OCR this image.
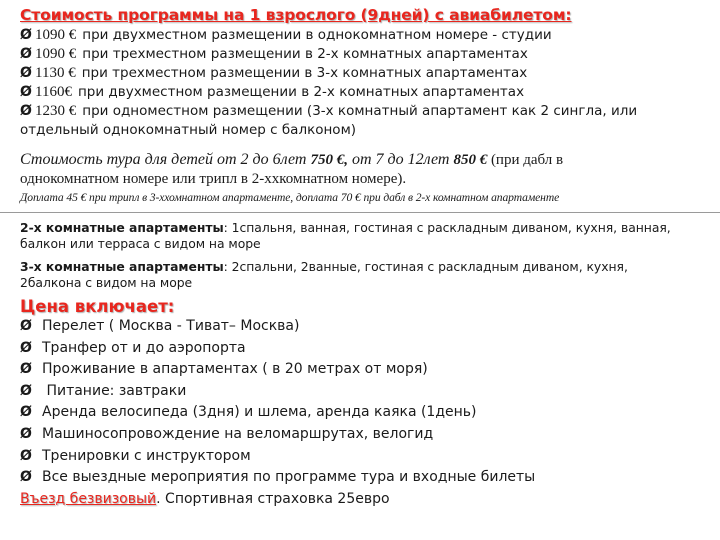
Стоимость программы на 1 взрослого (9дней) с авиабилетом:
Ø 1090 € при двухместном размещении в однокомнатном номере - студии
Ø 1090 € при трехместном размещении в 2-х комнатных апартаментах
Ø 1130 € при трехместном размещении в 3-х комнатных апартаментах
Ø 1160€ при двухместном размещении в 2-х комнатных апартаментах
Ø 1230 € при одноместном размещении (3-х комнатный апартамент как 2 сингла, или
отдельный однокомнатный номер с балконом)
Стоимость тура для детей от 2 до 6лет 750 €, от 7 до 12лет 850 € (при дабл в
однокомнатном номере или трипл в 2-ххкомнатном номере).
Доплата 45 € при трипл в 3-ххомнатном апартаменте, доплата 70 € при дабл в 2-х комнатном апартаменте
2-х комнатные апартаменты: 1спальня, ванная, гостиная с раскладным диваном, кухня, ванная,
балкон или терраса с видом на море
3-х комнатные апартаменты: 2спальни, 2ванные, гостиная с раскладным диваном, кухня,
2балкона с видом на море
Цена включает:
Ø Перелет ( Москва - Тиват– Москва)
Ø Транфер от и до аэропорта
Ø Проживание в апартаментах ( в 20 метрах от моря)
Ø Питание: завтраки
Ø Аренда велосипеда (3дня) и шлема, аренда каяка (1день)
Ø Машиносопровождение на веломаршрутах, велогид
Ø Тренировки с инструктором
Ø Все выездные мероприятия по программе тура и входные билеты
Въезд безвизовый. Спортивная страховка 25евро
